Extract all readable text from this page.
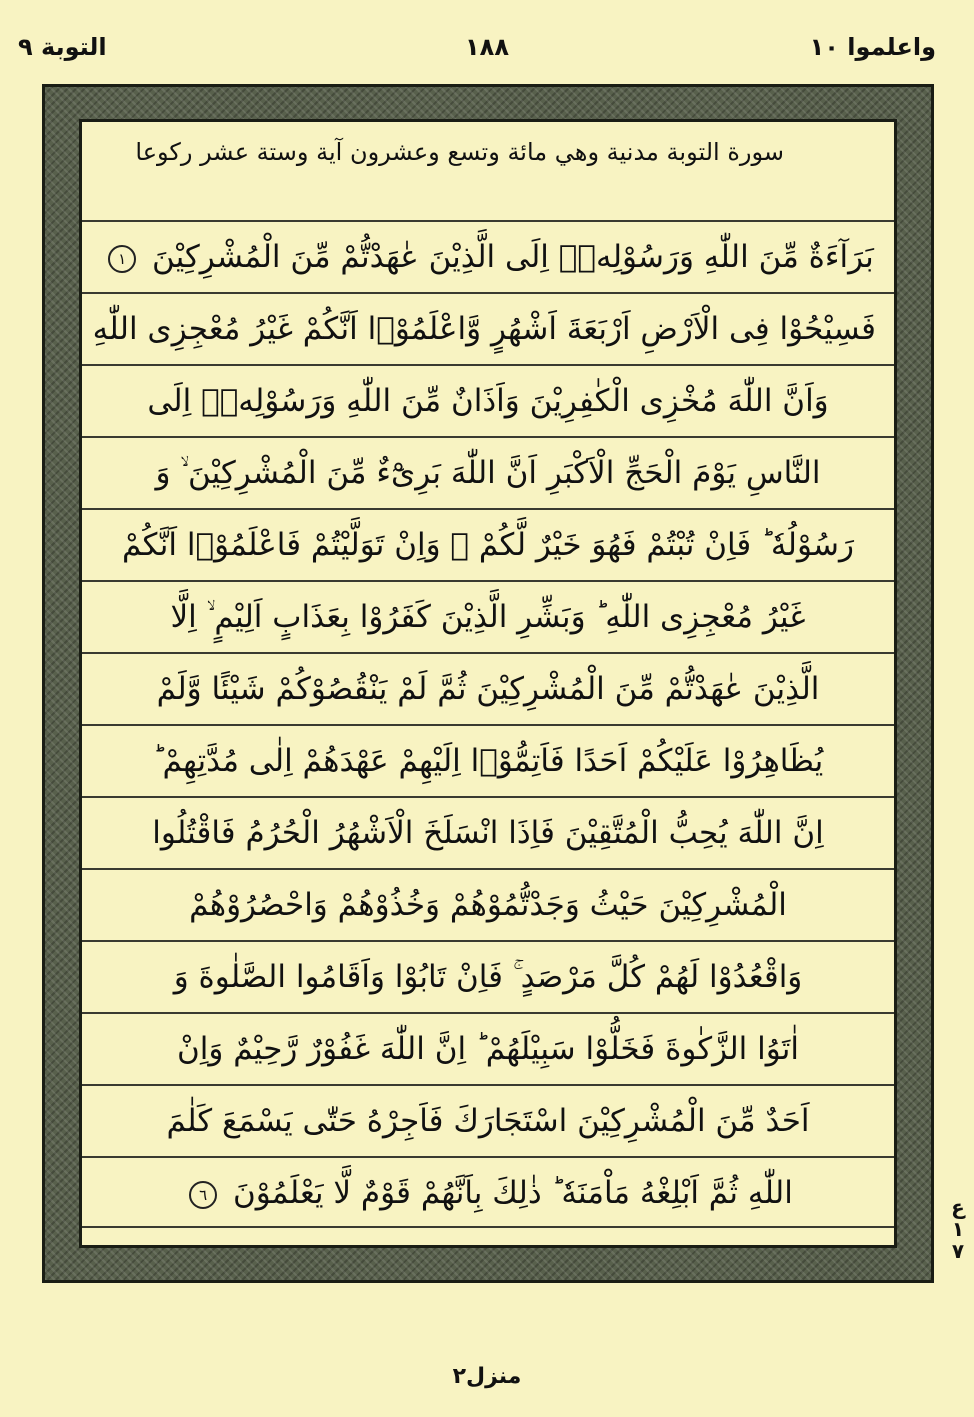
واعلموا ١٠
١٨٨
التوبة ٩
سورة التوبة مدنية وهي مائة وتسع وعشرون آية وستة عشر ركوعا
بَرَآءَةٌ مِّنَ اللّٰهِ وَرَسُوْلِهٖۤ اِلَى الَّذِيْنَ عٰهَدْتُّمْ مِّنَ الْمُشْرِكِيْنَ ١
فَسِيْحُوْا فِى الْاَرْضِ اَرْبَعَةَ اَشْهُرٍ وَّاعْلَمُوْۤا اَنَّكُمْ غَيْرُ مُعْجِزِى اللّٰهِ
وَاَنَّ اللّٰهَ مُخْزِى الْكٰفِرِيْنَ وَاَذَانٌ مِّنَ اللّٰهِ وَرَسُوْلِهٖۤ اِلَى
النَّاسِ يَوْمَ الْحَجِّ الْاَكْبَرِ اَنَّ اللّٰهَ بَرِىْٓءٌ مِّنَ الْمُشْرِكِيْنَ ۙ وَ
رَسُوْلُهٗ ؕ فَاِنْ تُبْتُمْ فَهُوَ خَيْرٌ لَّكُمْ ۚ وَاِنْ تَوَلَّيْتُمْ فَاعْلَمُوْۤا اَنَّكُمْ
غَيْرُ مُعْجِزِى اللّٰهِ ؕ وَبَشِّرِ الَّذِيْنَ كَفَرُوْا بِعَذَابٍ اَلِيْمٍ ۙ اِلَّا
الَّذِيْنَ عٰهَدْتُّمْ مِّنَ الْمُشْرِكِيْنَ ثُمَّ لَمْ يَنْقُصُوْكُمْ شَيْئًا وَّلَمْ
يُظَاهِرُوْا عَلَيْكُمْ اَحَدًا فَاَتِمُّوْۤا اِلَيْهِمْ عَهْدَهُمْ اِلٰى مُدَّتِهِمْ ؕ
اِنَّ اللّٰهَ يُحِبُّ الْمُتَّقِيْنَ فَاِذَا انْسَلَخَ الْاَشْهُرُ الْحُرُمُ فَاقْتُلُوا
الْمُشْرِكِيْنَ حَيْثُ وَجَدْتُّمُوْهُمْ وَخُذُوْهُمْ وَاحْصُرُوْهُمْ
وَاقْعُدُوْا لَهُمْ كُلَّ مَرْصَدٍ ۚ فَاِنْ تَابُوْا وَاَقَامُوا الصَّلٰوةَ وَ
اٰتَوُا الزَّكٰوةَ فَخَلُّوْا سَبِيْلَهُمْ ؕ اِنَّ اللّٰهَ غَفُوْرٌ رَّحِيْمٌ وَاِنْ
اَحَدٌ مِّنَ الْمُشْرِكِيْنَ اسْتَجَارَكَ فَاَجِرْهُ حَتّٰى يَسْمَعَ كَلٰمَ
اللّٰهِ ثُمَّ اَبْلِغْهُ مَاْمَنَهٗ ؕ ذٰلِكَ بِاَنَّهُمْ قَوْمٌ لَّا يَعْلَمُوْنَ ٦
ع
١
٧
منزل٢
